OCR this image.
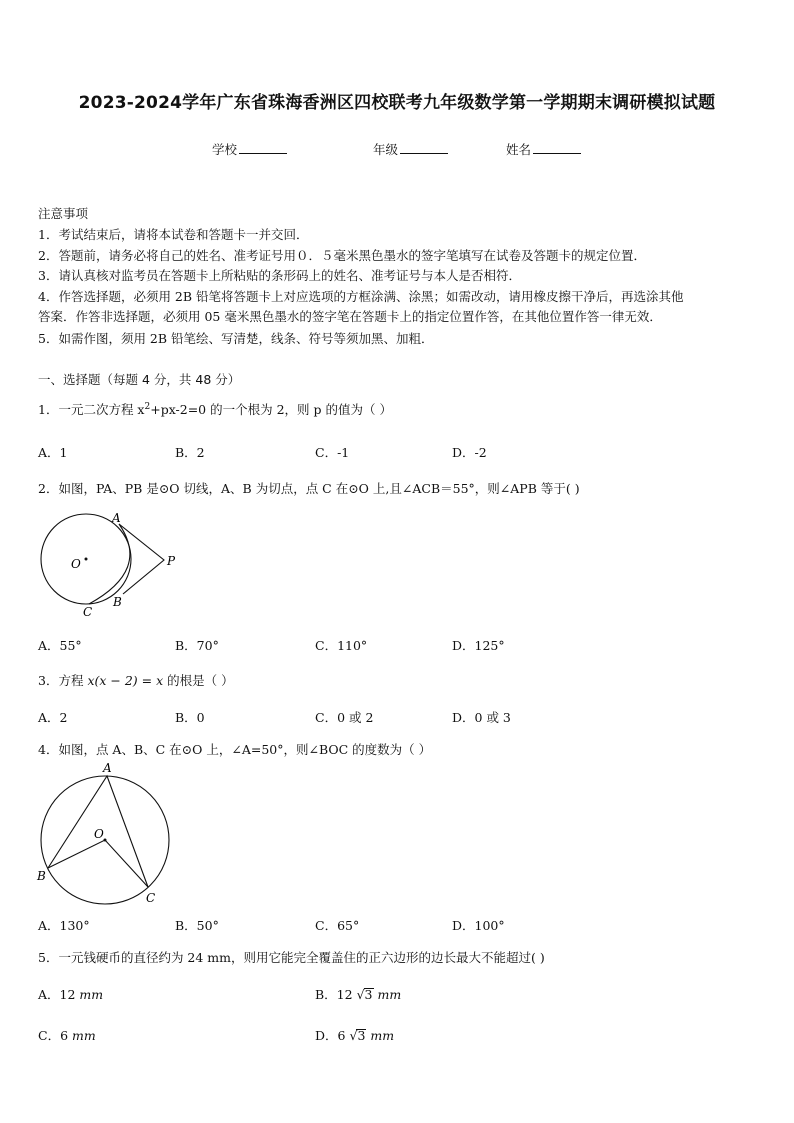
2023-2024学年广东省珠海香洲区四校联考九年级数学第一学期期末调研模拟试题
学校	年级	姓名
注意事项
1．考试结束后，请将本试卷和答题卡一并交回．
2．答题前，请务必将自己的姓名、准考证号用０．５毫米黑色墨水的签字笔填写在试卷及答题卡的规定位置．
3．请认真核对监考员在答题卡上所粘贴的条形码上的姓名、准考证号与本人是否相符．
4．作答选择题，必须用 2B 铅笔将答题卡上对应选项的方框涂满、涂黑；如需改动，请用橡皮擦干净后，再选涂其他
答案．作答非选择题，必须用 05 毫米黑色墨水的签字笔在答题卡上的指定位置作答，在其他位置作答一律无效．
5．如需作图，须用 2B 铅笔绘、写清楚，线条、符号等须加黑、加粗．
一、选择题（每题 4 分，共 48 分）
1．一元二次方程 $x^2+px-2=0$ 的一个根为 2，则 p 的值为（ ）
A．1	B．2	C．-1	D．-2
2．如图，PA、PB 是⊙O 切线，A、B 为切点，点 C 在⊙O 上,且∠ACB＝55°，则∠APB 等于( )
A
O	P
B
C
A．55°	B．70°	C．110°	D．125°
3．方程 x(x − 2) = x 的根是（ ）
A．2	B．0	C．0 或 2	D．0 或 3
4．如图，点 A、B、C 在⊙O 上，∠A=50°，则∠BOC 的度数为（ ）
A
O
B
C
A．130°	B．50°	C．65°	D．100°
5．一元钱硬币的直径约为 24 mm，则用它能完全覆盖住的正六边形的边长最大不能超过( )
A．12 mm	B．12 √3 mm
C．6 mm	D．6 √3 mm
